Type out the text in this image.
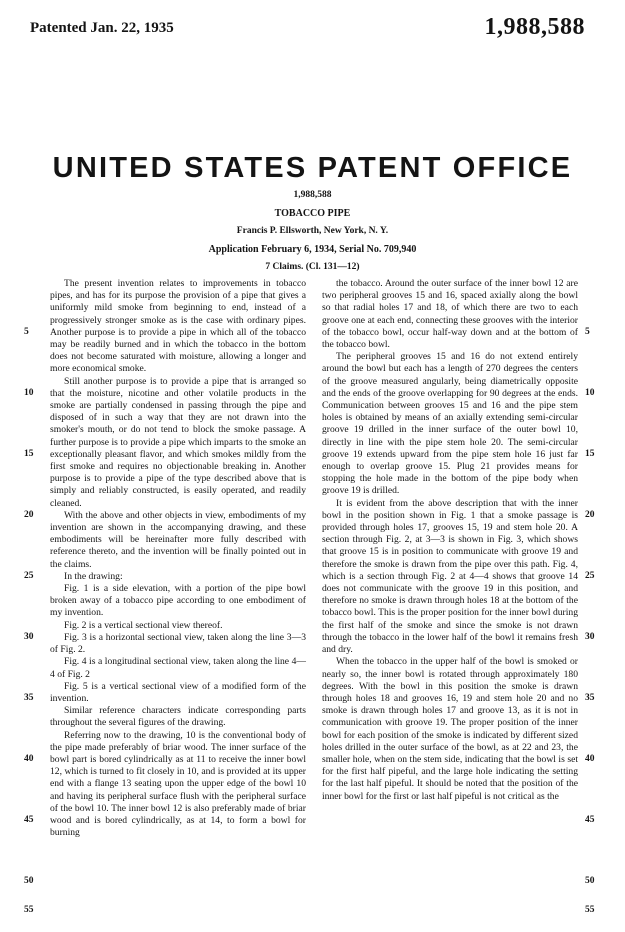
Patented Jan. 22, 1935	1,988,588
UNITED STATES PATENT OFFICE
1,988,588
TOBACCO PIPE
Francis P. Ellsworth, New York, N. Y.
Application February 6, 1934, Serial No. 709,940
7 Claims. (Cl. 131—12)

The present invention relates to improvements in tobacco pipes, and has for its purpose the provision of a pipe that gives a uniformly mild smoke from beginning to end, instead of a progressively stronger smoke as is the case with ordinary pipes. Another purpose is to provide a pipe in which all of the tobacco may be readily burned and in which the tobacco in the bottom does not become saturated with moisture, allowing a longer and more economical smoke.

Still another purpose is to provide a pipe that is arranged so that the moisture, nicotine and other volatile products in the smoke are partially condensed in passing through the pipe and disposed of in such a way that they are not drawn into the smoker's mouth, or do not tend to block the smoke passage. A further purpose is to provide a pipe which imparts to the smoke an exceptionally pleasant flavor, and which smokes mildly from the first smoke and requires no objectionable breaking in. Another purpose is to provide a pipe of the type described above that is simply and reliably constructed, is easily operated, and readily cleaned.

With the above and other objects in view, embodiments of my invention are shown in the accompanying drawing, and these embodiments will be hereinafter more fully described with reference thereto, and the invention will be finally pointed out in the claims.

In the drawing:

Fig. 1 is a side elevation, with a portion of the pipe bowl broken away of a tobacco pipe according to one embodiment of my invention.

Fig. 2 is a vertical sectional view thereof.

Fig. 3 is a horizontal sectional view, taken along the line 3—3 of Fig. 2.

Fig. 4 is a longitudinal sectional view, taken along the line 4—4 of Fig. 2

Fig. 5 is a vertical sectional view of a modified form of the invention.

Similar reference characters indicate corresponding parts throughout the several figures of the drawing.

Referring now to the drawing, 10 is the conventional body of the pipe made preferably of briar wood. The inner surface of the bowl part is bored cylindrically as at 11 to receive the inner bowl 12, which is turned to fit closely in 10, and is provided at its upper end with a flange 13 seating upon the upper edge of the bowl 10 and having its peripheral surface flush with the peripheral surface of the bowl 10. The inner bowl 12 is also preferably made of briar wood and is bored cylindrically, as at 14, to form a bowl for burning

the tobacco. Around the outer surface of the inner bowl 12 are two peripheral grooves 15 and 16, spaced axially along the bowl so that radial holes 17 and 18, of which there are two to each groove one at each end, connecting these grooves with the interior of the tobacco bowl, occur half-way down and at the bottom of the tobacco bowl.

The peripheral grooves 15 and 16 do not extend entirely around the bowl but each has a length of 270 degrees the centers of the groove measured angularly, being diametrically opposite and the ends of the groove overlapping for 90 degrees at the ends. Communication between grooves 15 and 16 and the pipe stem holes is obtained by means of an axially extending semi-circular groove 19 drilled in the inner surface of the outer bowl 10, directly in line with the pipe stem hole 20. The semi-circular groove 19 extends upward from the pipe stem hole 16 just far enough to overlap groove 15. Plug 21 provides means for stopping the hole made in the bottom of the pipe body when groove 19 is drilled.

It is evident from the above description that with the inner bowl in the position shown in Fig. 1 that a smoke passage is provided through holes 17, grooves 15, 19 and stem hole 20. A section through Fig. 2, at 3—3 is shown in Fig. 3, which shows that groove 15 is in position to communicate with groove 19 and therefore the smoke is drawn from the pipe over this path. Fig. 4, which is a section through Fig. 2 at 4—4 shows that groove 14 does not communicate with the groove 19 in this position, and therefore no smoke is drawn through holes 18 at the bottom of the tobacco bowl. This is the proper position for the inner bowl during the first half of the smoke and since the smoke is not drawn through the tobacco in the lower half of the bowl it remains fresh and dry.

When the tobacco in the upper half of the bowl is smoked or nearly so, the inner bowl is rotated through approximately 180 degrees. With the bowl in this position the smoke is drawn through holes 18 and grooves 16, 19 and stem hole 20 and no smoke is drawn through holes 17 and groove 13, as it is not in communication with groove 19. The proper position of the inner bowl for each position of the smoke is indicated by different sized holes drilled in the outer surface of the bowl, as at 22 and 23, the smaller hole, when on the stem side, indicating that the bowl is set for the first half pipeful, and the large hole indicating the setting for the last half pipeful. It should be noted that the position of the inner bowl for the first or last half pipeful is not critical as the

5
10
15
20
25
30
35
40
45
50
55
5
10
15
20
25
30
35
40
45
50
55
